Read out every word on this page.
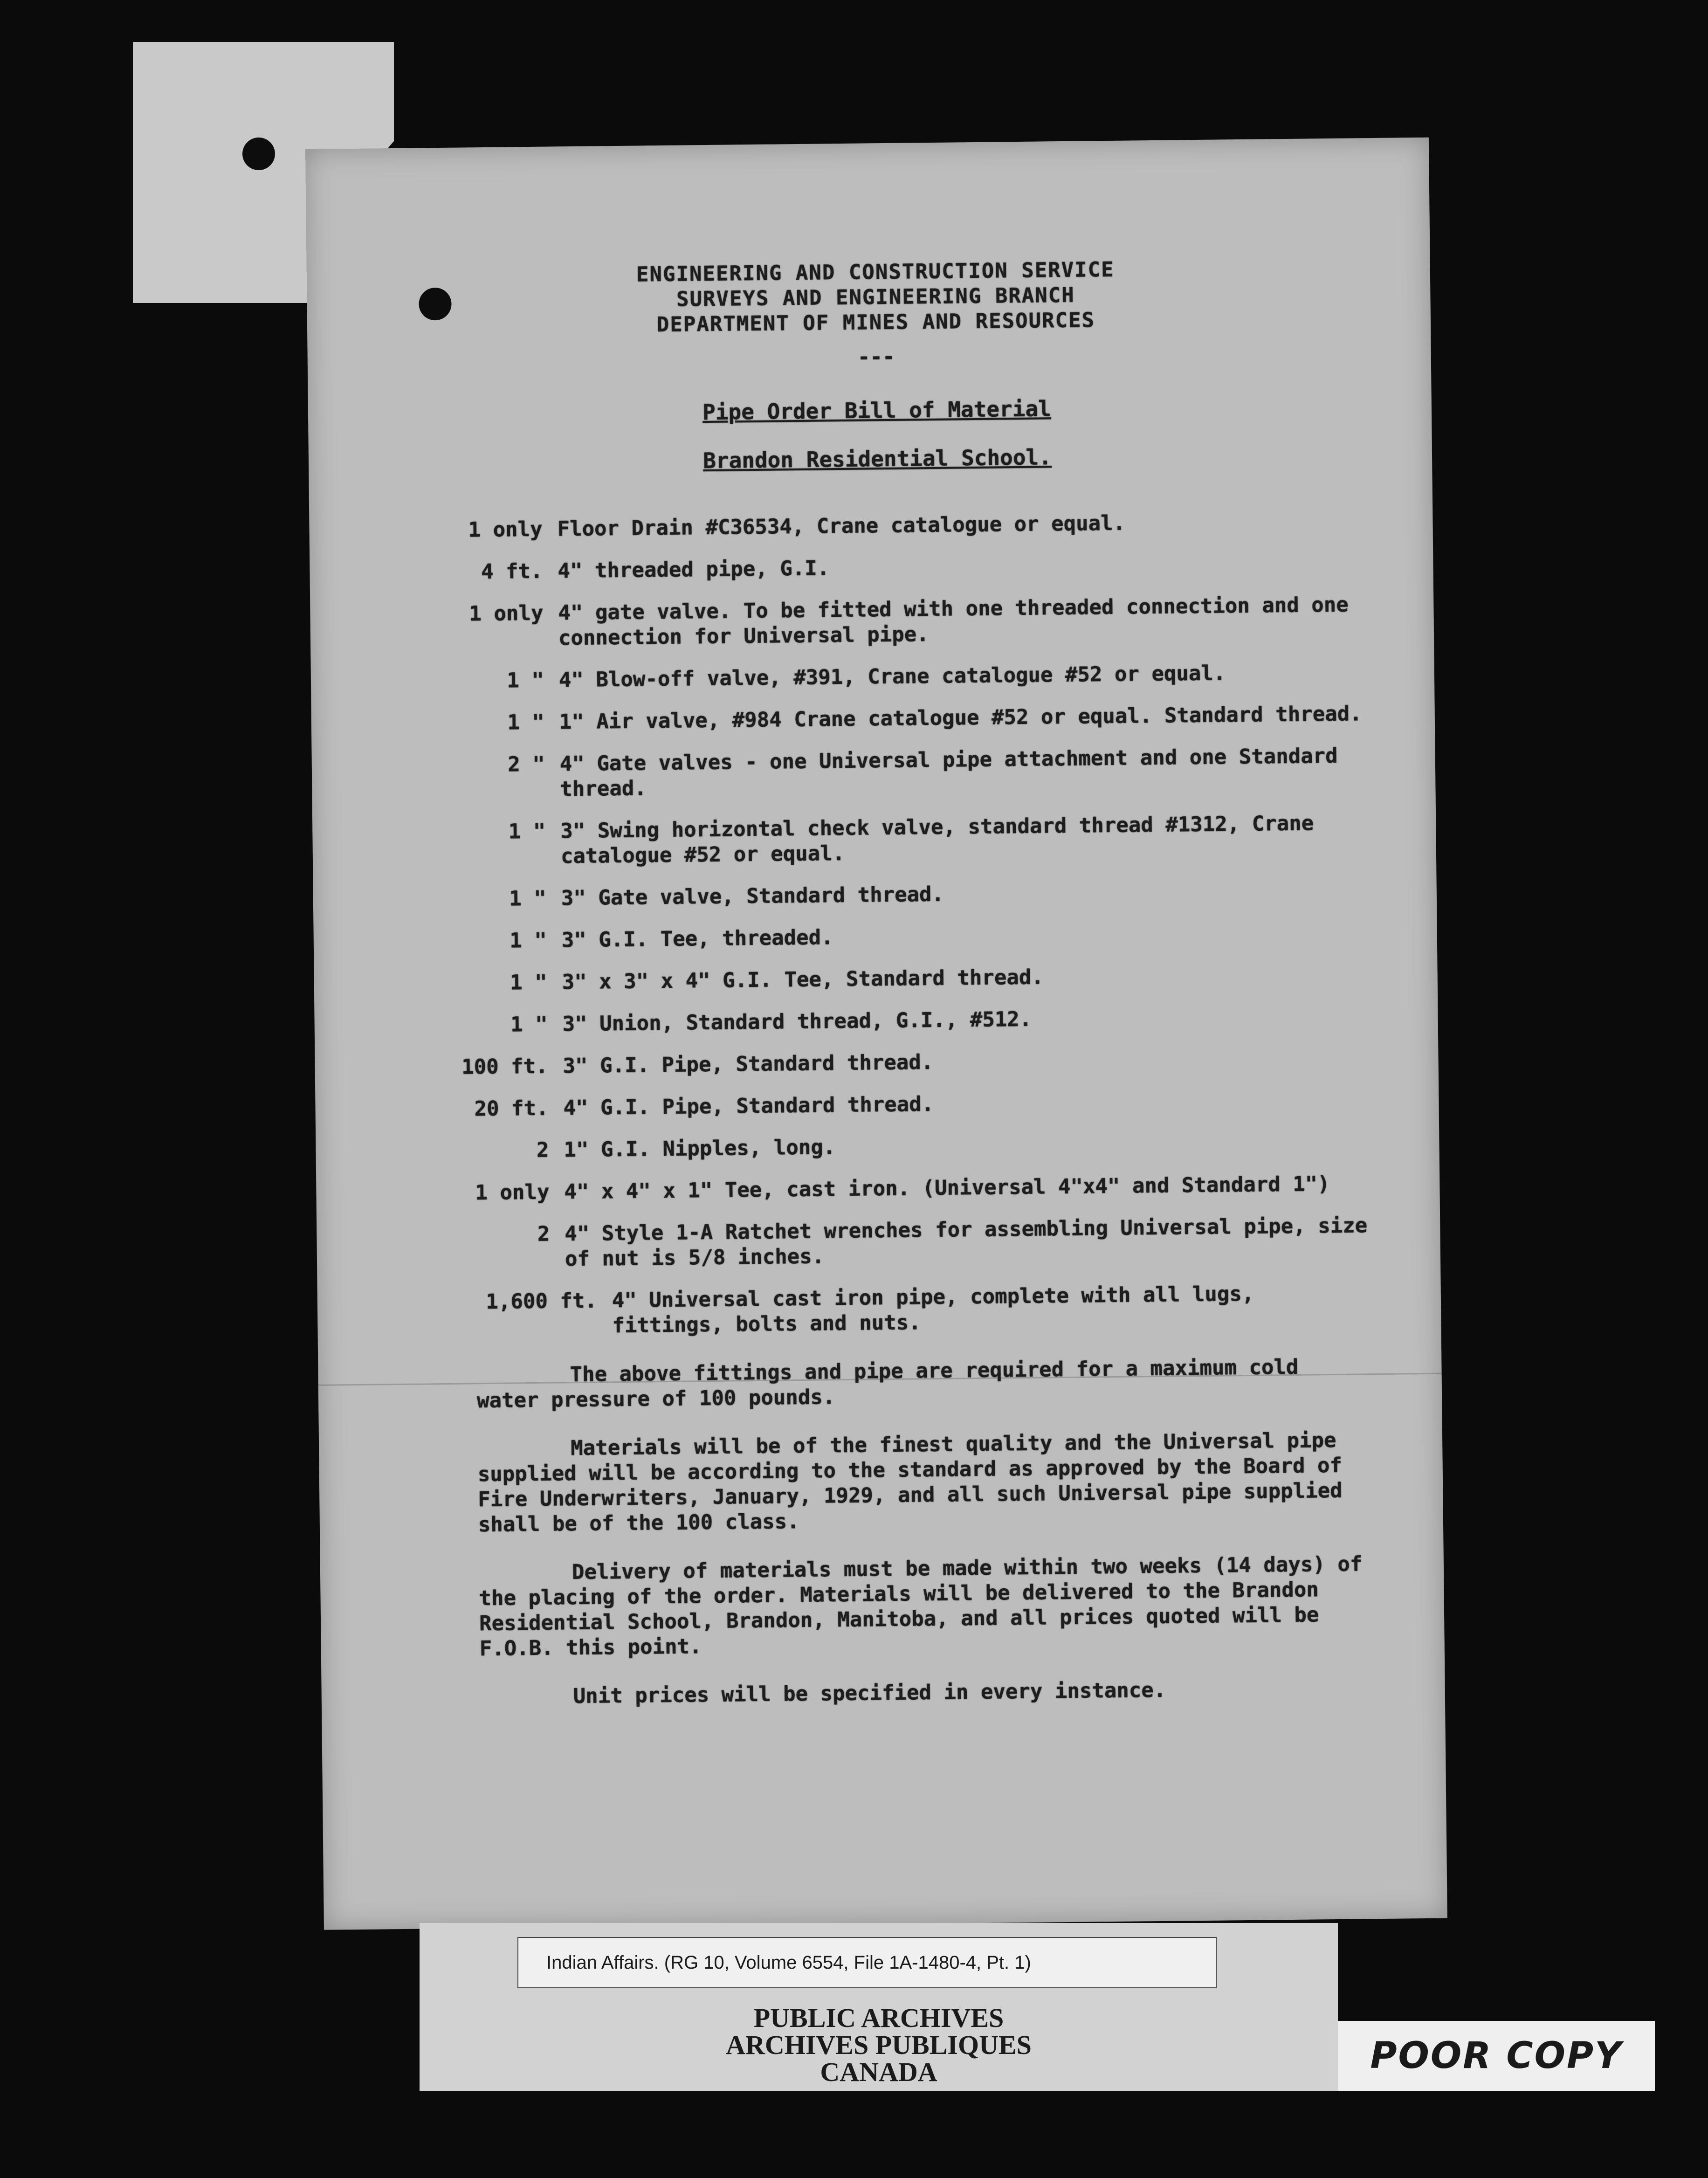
ENGINEERING AND CONSTRUCTION SERVICE
SURVEYS AND ENGINEERING BRANCH
DEPARTMENT OF MINES AND RESOURCES
---
Pipe Order Bill of Material
Brandon Residential School.
1 only Floor Drain #C36534, Crane catalogue or equal.
4 ft. 4" threaded pipe, G.I.
1 only 4" gate valve. To be fitted with one threaded connection and one connection for Universal pipe.
1 " 4" Blow-off valve, #391, Crane catalogue #52 or equal.
1 " 1" Air valve, #984 Crane catalogue #52 or equal. Standard thread.
2 " 4" Gate valves - one Universal pipe attachment and one Standard thread.
1 " 3" Swing horizontal check valve, standard thread #1312, Crane catalogue #52 or equal.
1 " 3" Gate valve, Standard thread.
1 " 3" G.I. Tee, threaded.
1 " 3" x 3" x 4" G.I. Tee, Standard thread.
1 " 3" Union, Standard thread, G.I., #512.
100 ft. 3" G.I. Pipe, Standard thread.
20 ft. 4" G.I. Pipe, Standard thread.
2 1" G.I. Nipples, long.
1 only 4" x 4" x 1" Tee, cast iron. (Universal 4"x4" and Standard 1")
2 4" Style 1-A Ratchet wrenches for assembling Universal pipe, size of nut is 5/8 inches.
1,600 ft. 4" Universal cast iron pipe, complete with all lugs, fittings, bolts and nuts.
The above fittings and pipe are required for a maximum cold water pressure of 100 pounds.
Materials will be of the finest quality and the Universal pipe supplied will be according to the standard as approved by the Board of Fire Underwriters, January, 1929, and all such Universal pipe supplied shall be of the 100 class.
Delivery of materials must be made within two weeks (14 days) of the placing of the order. Materials will be delivered to the Brandon Residential School, Brandon, Manitoba, and all prices quoted will be F.O.B. this point.
Unit prices will be specified in every instance.
Indian Affairs. (RG 10, Volume 6554, File 1A-1480-4, Pt. 1)
PUBLIC ARCHIVES
ARCHIVES PUBLIQUES
CANADA	POOR COPY
